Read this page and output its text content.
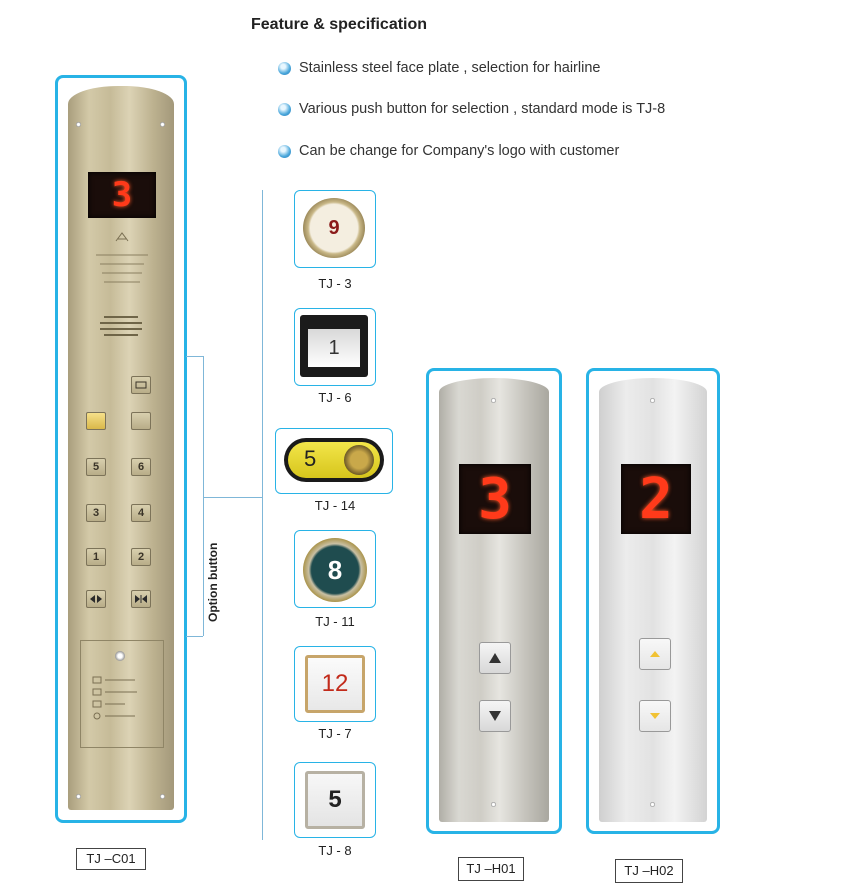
Feature & specification
Stainless steel face plate , selection for hairline
Various push button for selection , standard mode is TJ-8
Can be change for Company's logo with customer
3
5	6
3	4
1	2
TJ –C01
Option button
9
TJ - 3
1
TJ - 6
5
TJ - 14
8
TJ - 11
12
TJ - 7
5
TJ - 8
3
TJ –H01
2
TJ –H02
